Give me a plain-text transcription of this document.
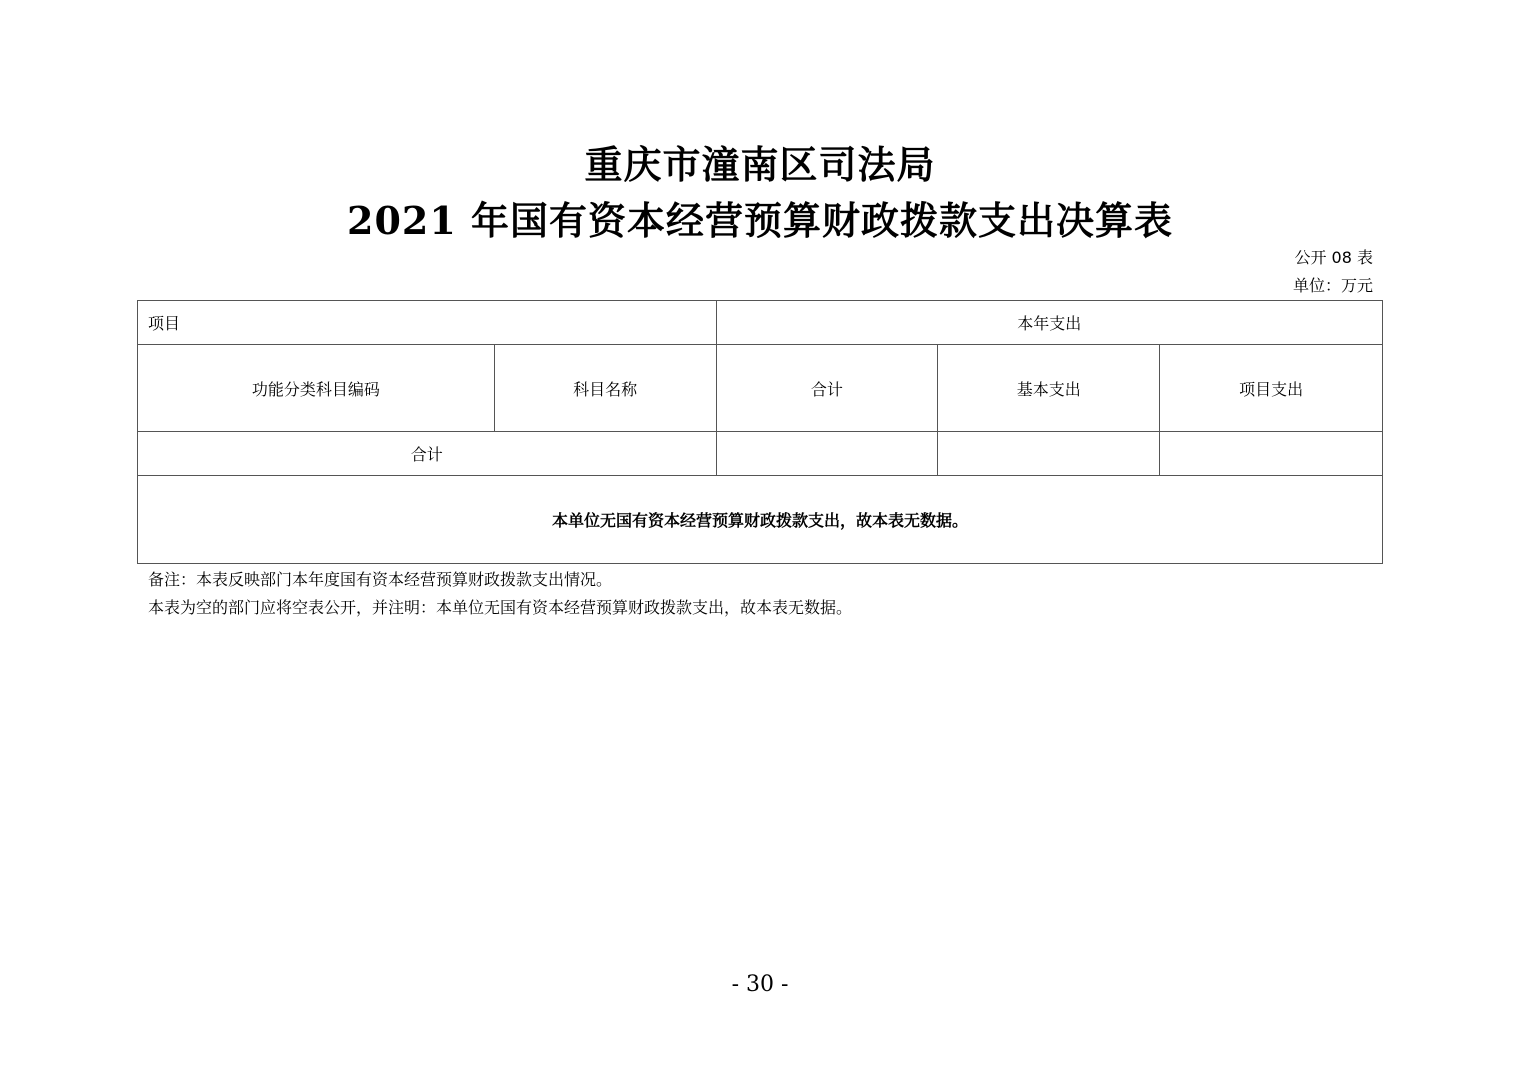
重庆市潼南区司法局
2021 年国有资本经营预算财政拨款支出决算表
公开 08 表
单位：万元
项目		本年支出		
功能分类科目编码	科目名称	合计	基本支出	项目支出
合计				
本单位无国有资本经营预算财政拨款支出，故本表无数据。				
备注：本表反映部门本年度国有资本经营预算财政拨款支出情况。
本表为空的部门应将空表公开，并注明：本单位无国有资本经营预算财政拨款支出，故本表无数据。
- 30 -
